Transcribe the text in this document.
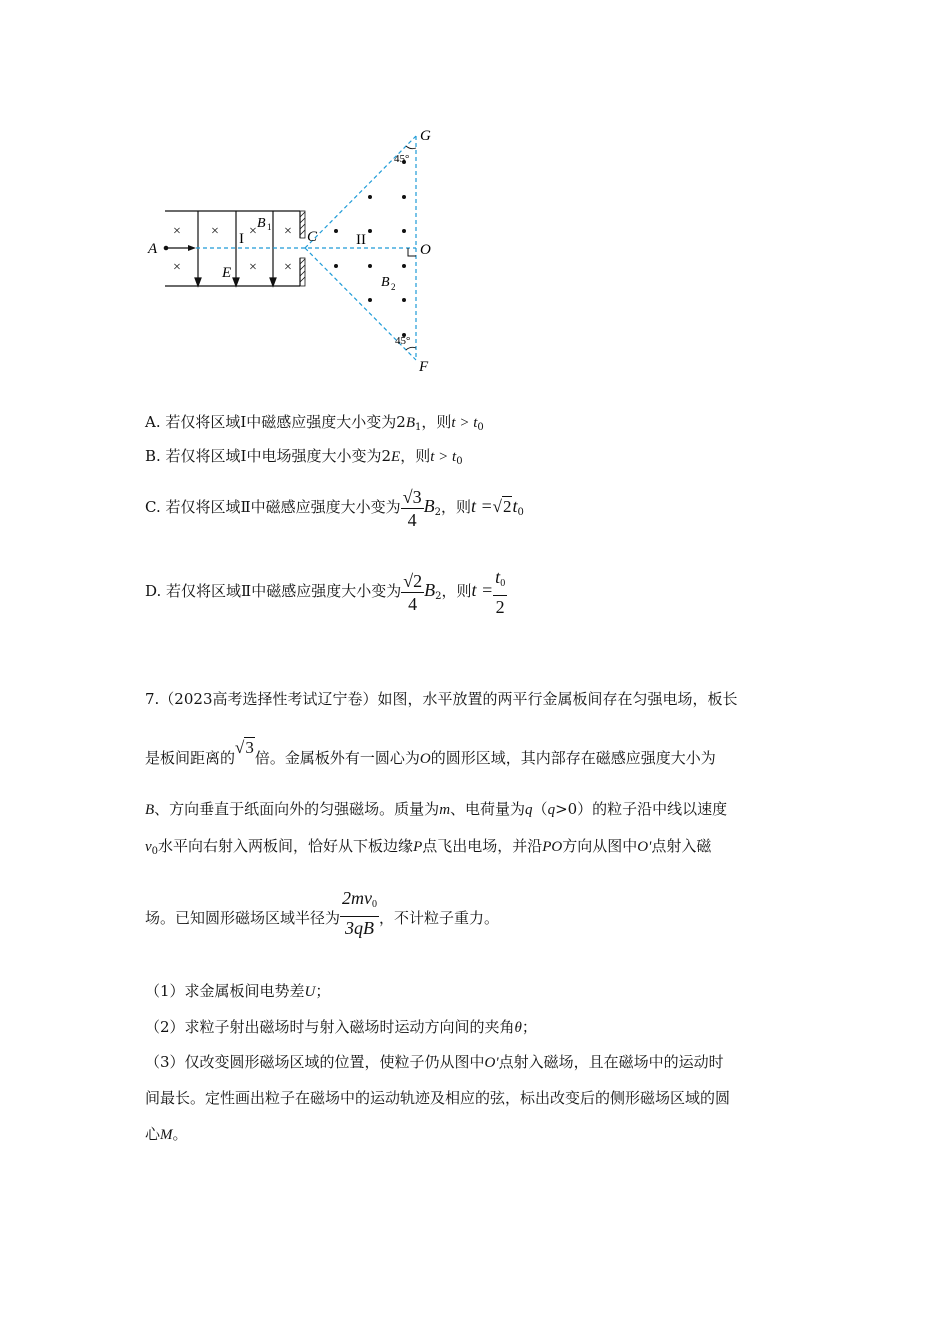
× × × ×
×	× ×
A
C
G
O
F
E
B 1
B 2
I	II
45°
45°
A. 若仅将区域Ⅰ中磁感应强度大小变为$2B_1$，则$t > t_0$
B. 若仅将区域Ⅰ中电场强度大小变为2E，则$t > t_0$
C. 若仅将区域Ⅱ中磁感应强度大小变为 $\frac{√3}{4} B_2$，则$t =√2t_0$
D. 若仅将区域Ⅱ中磁感应强度大小变为 $\frac{√2}{4} B_2$，则$t = \frac{t_0}{2}$
7.（2023高考选择性考试辽宁卷）如图，水平放置的两平行金属板间存在匀强电场，板长
是板间距离的√3倍。金属板外有一圆心为O的圆形区域，其内部存在磁感应强度大小为
B、方向垂直于纸面向外的匀强磁场。质量为m、电荷量为q（q>0）的粒子沿中线以速度
$v_0$水平向右射入两板间，恰好从下板边缘P点飞出电场，并沿PO方向从图中O'点射入磁
场。已知圆形磁场区域半径为 $\frac{2mv_0}{3qB}$ ，不计粒子重力。
（1）求金属板间电势差U；
（2）求粒子射出磁场时与射入磁场时运动方向间的夹角θ；
（3）仅改变圆形磁场区域的位置，使粒子仍从图中O'点射入磁场，且在磁场中的运动时
间最长。定性画出粒子在磁场中的运动轨迹及相应的弦，标出改变后的侧形磁场区域的圆
心M。
